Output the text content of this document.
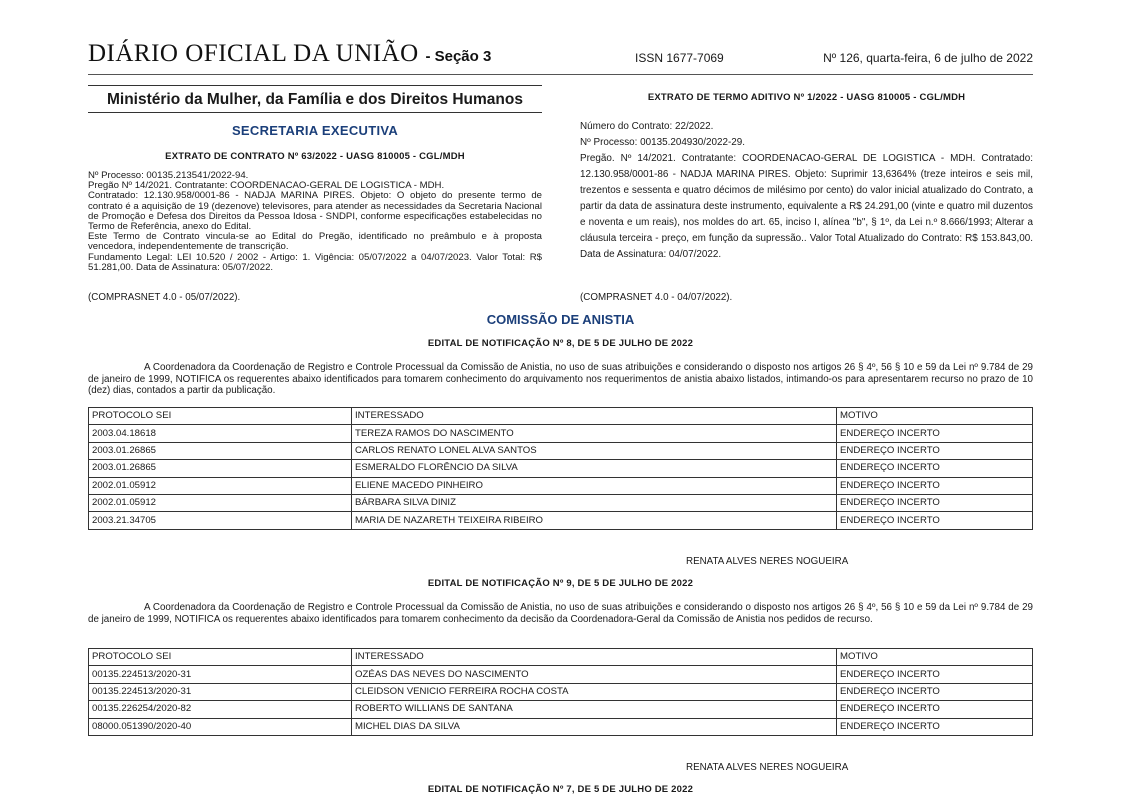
DIÁRIO OFICIAL DA UNIÃO - Seção 3	ISSN 1677-7069	Nº 126, quarta-feira, 6 de julho de 2022
Ministério da Mulher, da Família e dos Direitos Humanos
SECRETARIA EXECUTIVA
EXTRATO DE CONTRATO Nº 63/2022 - UASG 810005 - CGL/MDH

Nº Processo: 00135.213541/2022-94.

Pregão Nº 14/2021. Contratante: COORDENACAO-GERAL DE LOGISTICA - MDH.

Contratado: 12.130.958/0001-86 - NADJA MARINA PIRES. Objeto: O objeto do presente termo de contrato é a aquisição de 19 (dezenove) televisores, para atender as necessidades da Secretaria Nacional de Promoção e Defesa dos Direitos da Pessoa Idosa - SNDPI, conforme especificações estabelecidas no Termo de Referência, anexo do Edital.

Este Termo de Contrato vincula-se ao Edital do Pregão, identificado no preâmbulo e à proposta vencedora, independentemente de transcrição.

Fundamento Legal: LEI 10.520 / 2002 - Artigo: 1. Vigência: 05/07/2022 a 04/07/2023. Valor Total: R$ 51.281,00. Data de Assinatura: 05/07/2022.

(COMPRASNET 4.0 - 05/07/2022).
EXTRATO DE TERMO ADITIVO Nº 1/2022 - UASG 810005 - CGL/MDH

Número do Contrato: 22/2022.

Nº Processo: 00135.204930/2022-29.

Pregão. Nº 14/2021. Contratante: COORDENACAO-GERAL DE LOGISTICA - MDH. Contratado: 12.130.958/0001-86 - NADJA MARINA PIRES. Objeto: Suprimir 13,6364% (treze inteiros e seis mil, trezentos e sessenta e quatro décimos de milésimo por cento) do valor inicial atualizado do Contrato, a partir da data de assinatura deste instrumento, equivalente a R$ 24.291,00 (vinte e quatro mil duzentos e noventa e um reais), nos moldes do art. 65, inciso I, alínea "b", § 1º, da Lei n.º 8.666/1993; Alterar a cláusula terceira - preço, em função da supressão.. Valor Total Atualizado do Contrato: R$ 153.843,00. Data de Assinatura: 04/07/2022.

(COMPRASNET 4.0 - 04/07/2022).
COMISSÃO DE ANISTIA
EDITAL DE NOTIFICAÇÃO Nº 8, DE 5 DE JULHO DE 2022
A Coordenadora da Coordenação de Registro e Controle Processual da Comissão de Anistia, no uso de suas atribuições e considerando o disposto nos artigos 26 § 4º, 56 § 10 e 59 da Lei nº 9.784 de 29 de janeiro de 1999, NOTIFICA os requerentes abaixo identificados para tomarem conhecimento do arquivamento nos requerimentos de anistia abaixo listados, intimando-os para apresentarem recurso no prazo de 10 (dez) dias, contados a partir da publicação.
PROTOCOLO SEI	INTERESSADO	MOTIVO
2003.04.18618	TEREZA RAMOS DO NASCIMENTO	ENDEREÇO INCERTO
2003.01.26865	CARLOS RENATO LONEL ALVA SANTOS	ENDEREÇO INCERTO
2003.01.26865	ESMERALDO FLORÊNCIO DA SILVA	ENDEREÇO INCERTO
2002.01.05912	ELIENE MACEDO PINHEIRO	ENDEREÇO INCERTO
2002.01.05912	BÁRBARA SILVA DINIZ	ENDEREÇO INCERTO
2003.21.34705	MARIA DE NAZARETH TEIXEIRA RIBEIRO	ENDEREÇO INCERTO
RENATA ALVES NERES NOGUEIRA
EDITAL DE NOTIFICAÇÃO Nº 9, DE 5 DE JULHO DE 2022
A Coordenadora da Coordenação de Registro e Controle Processual da Comissão de Anistia, no uso de suas atribuições e considerando o disposto nos artigos 26 § 4º, 56 § 10 e 59 da Lei nº 9.784 de 29 de janeiro de 1999, NOTIFICA os requerentes abaixo identificados para tomarem conhecimento da decisão da Coordenadora-Geral da Comissão de Anistia nos pedidos de recurso.
PROTOCOLO SEI	INTERESSADO	MOTIVO
00135.224513/2020-31	OZÉAS DAS NEVES DO NASCIMENTO	ENDEREÇO INCERTO
00135.224513/2020-31	CLEIDSON VENICIO FERREIRA ROCHA COSTA	ENDEREÇO INCERTO
00135.226254/2020-82	ROBERTO WILLIANS DE SANTANA	ENDEREÇO INCERTO
08000.051390/2020-40	MICHEL DIAS DA SILVA	ENDEREÇO INCERTO
RENATA ALVES NERES NOGUEIRA
EDITAL DE NOTIFICAÇÃO Nº 7, DE 5 DE JULHO DE 2022
